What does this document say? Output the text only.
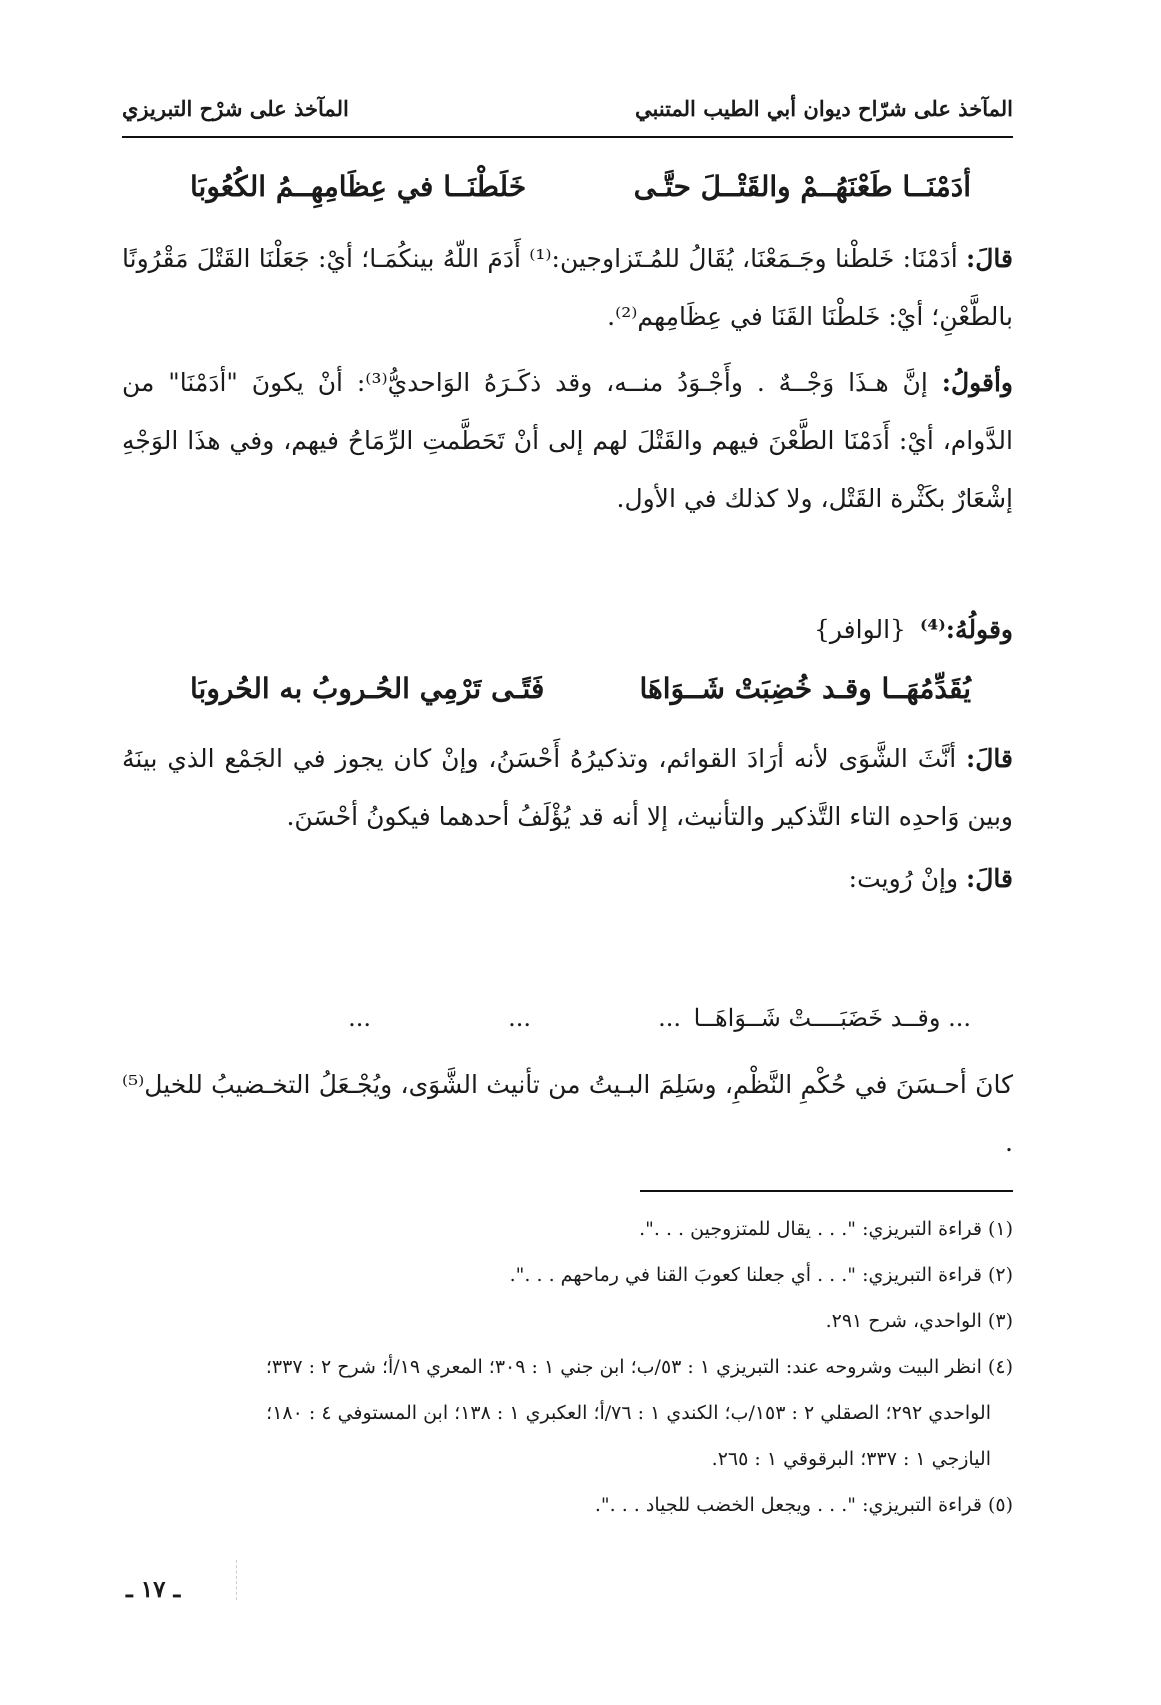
المآخذ على شرّاح ديوان أبي الطيب المتنبي
المآخذ على شرْح التبريزي
أدَمْنَــا طَعْنَهُــمْ والقَتْــلَ حتَّـى
خَلَطْنَــا في عِظَامِهِــمُ الكُعُوبَا
قالَ: أدَمْنَا: خَلطْنا وجَـمَعْنَا، يُقَالُ للمُـتَزاوجين:⁽¹⁾ أَدَمَ اللّهُ بينكُمَـا؛ أيْ: جَعَلْنَا القَتْلَ مَقْرُونًا بالطَّعْنِ؛ أيْ: خَلطْنَا القَنَا في عِظَامِهم⁽²⁾.
وأقولُ: إنَّ هـذَا وَجْــهٌ . وأَجْـوَدُ منــه، وقد ذكَـرَهُ الوَاحديُّ⁽³⁾: أنْ يكونَ "أدَمْنَا" من الدَّوام، أيْ: أَدَمْنَا الطَّعْنَ فيهم والقَتْلَ لهم إلى أنْ تَحَطَّمتِ الرِّمَاحُ فيهم، وفي هذَا الوَجْهِ إشْعَارٌ بكَثْرة القَتْل، ولا كذلك في الأول.
وقولُهُ:⁽⁴⁾{الوافر}
يُقَدِّمُهَــا وقـد خُضِبَتْ شَــوَاهَا
فَتًـى تَرْمِي الحُـروبُ به الحُروبَا
قالَ: أنَّثَ الشَّوَى لأنه أرَادَ القوائم، وتذكيرُهُ أَحْسَنُ، وإنْ كان يجوز في الجَمْع الذي بينَهُ وبين وَاحدِه التاء التَّذكير والتأنيث، إلا أنه قد يُؤْلَفُ أحدهما فيكونُ أحْسَنَ.
قالَ: وإنْ رُويت:
... وقــد خَضَبَــــتْ شَــوَاهَــا
...
...
...
كانَ أحـسَنَ في حُكْمِ النَّظْمِ، وسَلِمَ البـيتُ من تأنيث الشَّوَى، ويُجْـعَلُ التخـضيبُ للخيل⁽⁵⁾ .
(١) قراءة التبريزي: ". . . يقال للمتزوجين . . .".
(٢) قراءة التبريزي: ". . . أي جعلنا كعوبَ القنا في رماحهم . . .".
(٣) الواحدي، شرح ٢٩١.
(٤) انظر البيت وشروحه عند: التبريزي ١ : ٥٣/ب؛ ابن جني ١ : ٣٠٩؛ المعري ١٩/أ؛ شرح ٢ : ٣٣٧؛
الواحدي ٢٩٢؛ الصقلي ٢ : ١٥٣/ب؛ الكندي ١ : ٧٦/أ؛ العكبري ١ : ١٣٨؛ ابن المستوفي ٤ : ١٨٠؛
اليازجي ١ : ٣٣٧؛ البرقوقي ١ : ٢٦٥.
(٥) قراءة التبريزي: ". . . ويجعل الخضب للجياد . . .".
ـ ١٧ ـ
